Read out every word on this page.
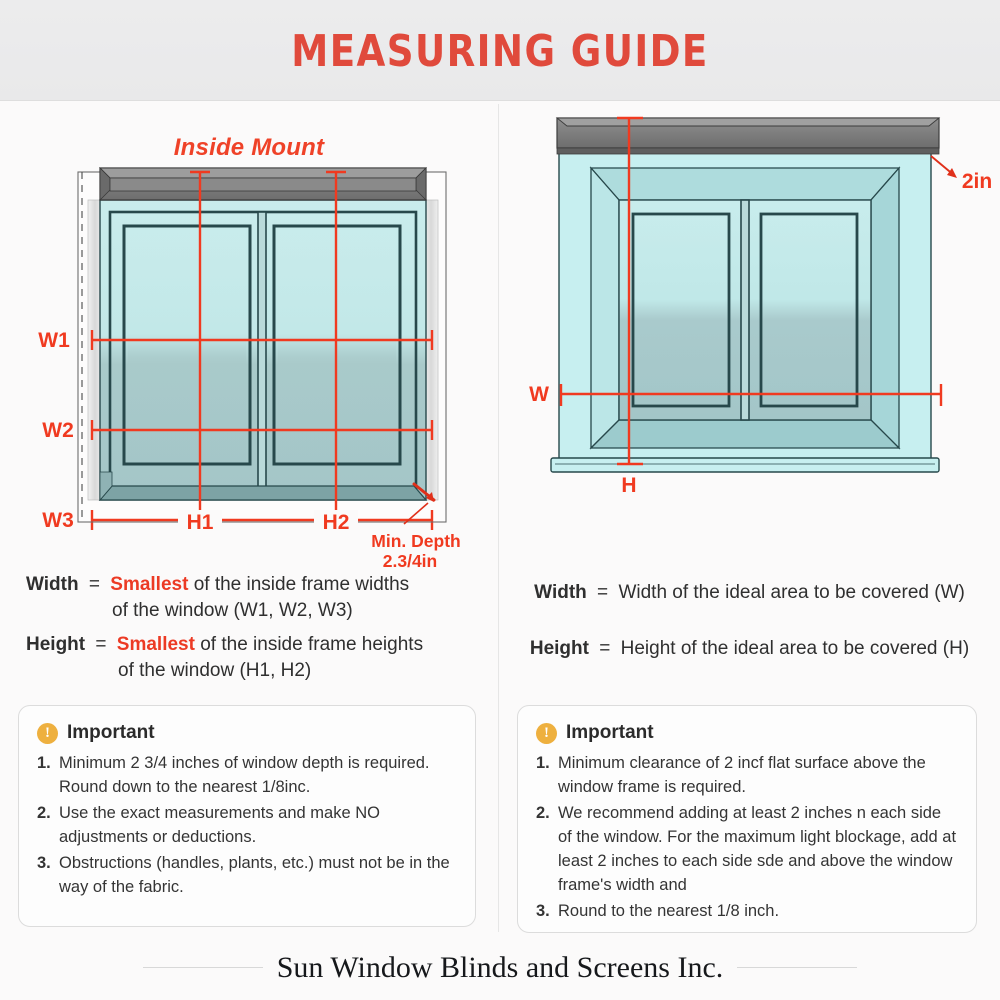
MEASURING GUIDE
Inside Mount
W1
W2
W3	H1	H2
Min. Depth
2.3/4in
Width = Smallest of the inside frame widths
of the window (W1, W2, W3)
Height = Smallest of the inside frame heights
of the window (H1, H2)
! Important
1. Minimum 2 3/4 inches of window depth is required. Round down to the nearest 1/8inc.
2. Use the exact measurements and make NO adjustments or deductions.
3. Obstructions (handles, plants, etc.) must not be in the way of the fabric.
W
H
2in
Width = Width of the ideal area to be covered (W)
Height = Height of the ideal area to be covered (H)
! Important
1. Minimum clearance of 2 incf flat surface above the window frame is required.
2. We recommend adding at least 2 inches n each side of the window. For the maximum light blockage, add at least 2 inches to each side sde and above the window frame's width and
3. Round to the nearest 1/8 inch.
Sun Window Blinds and Screens Inc.
